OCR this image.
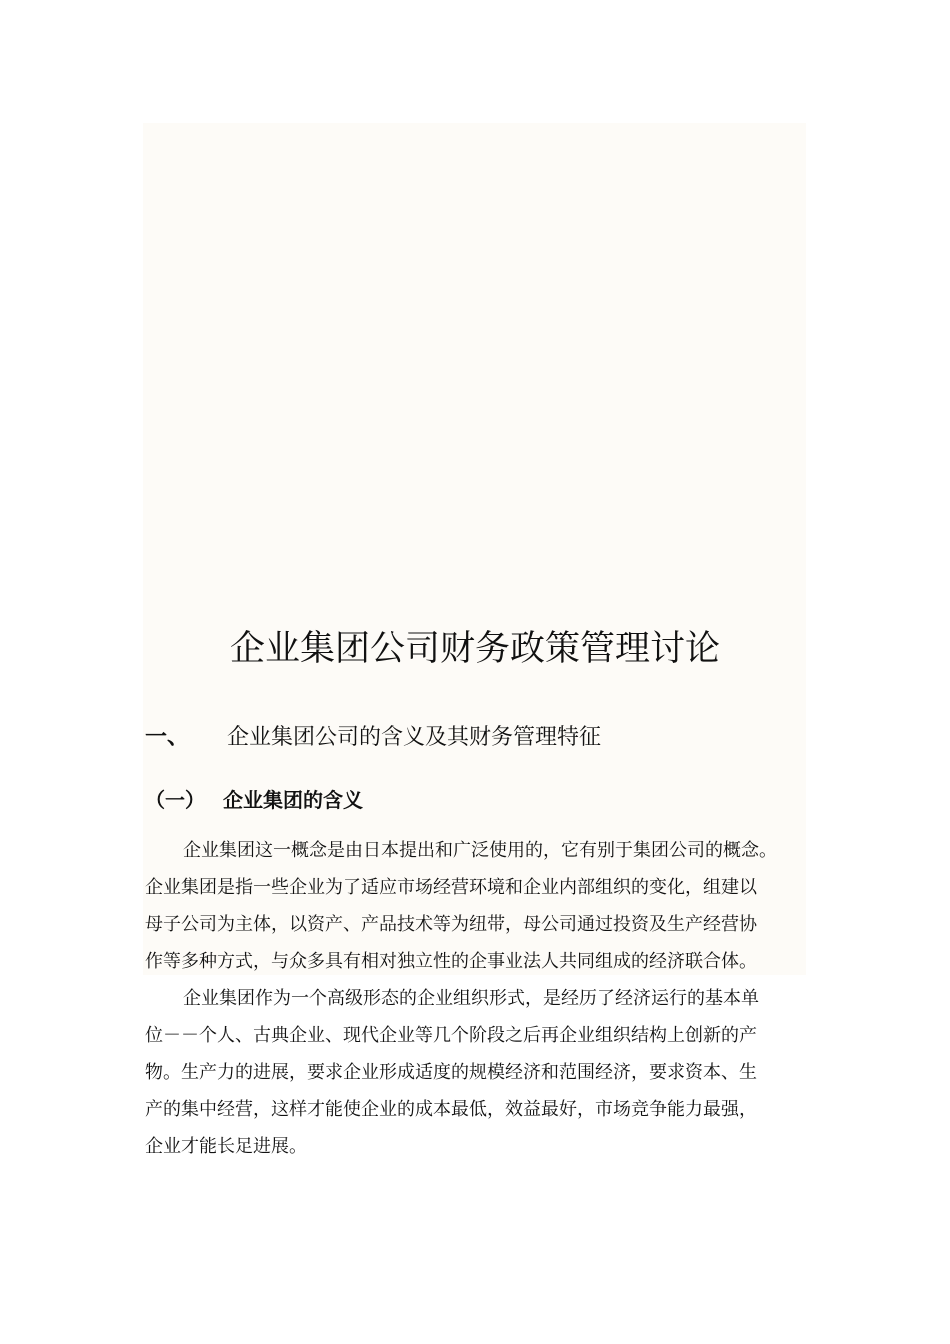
企业集团公司财务政策管理讨论
一、 企业集团公司的含义及其财务管理特征
（一） 企业集团的含义

企业集团这一概念是由日本提出和广泛使用的，它有别于集团公司的概念。
企业集团是指一些企业为了适应市场经营环境和企业内部组织的变化，组建以
母子公司为主体，以资产、产品技术等为纽带，母公司通过投资及生产经营协
作等多种方式，与众多具有相对独立性的企事业法人共同组成的经济联合体。

企业集团作为一个高级形态的企业组织形式，是经历了经济运行的基本单
位－－个人、古典企业、现代企业等几个阶段之后再企业组织结构上创新的产
物。生产力的进展，要求企业形成适度的规模经济和范围经济，要求资本、生
产的集中经营，这样才能使企业的成本最低，效益最好，市场竞争能力最强，
企业才能长足进展。
